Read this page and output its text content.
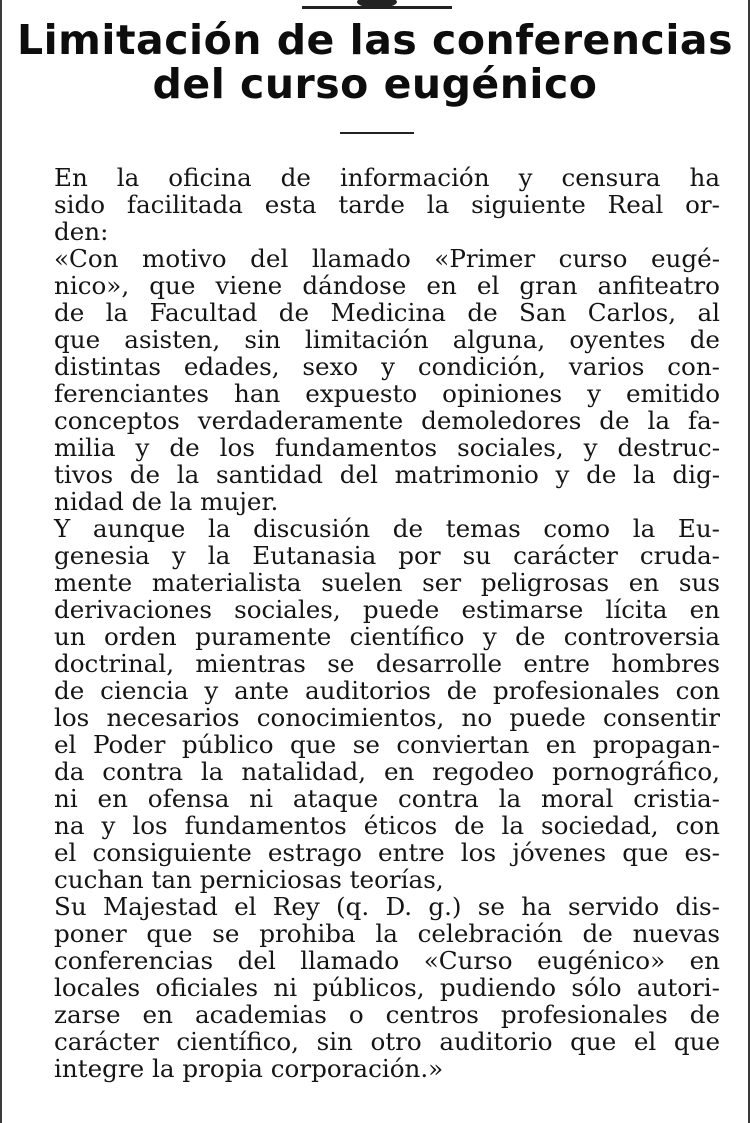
Limitación de las conferencias
del curso eugénico

En la oficina de información y censura ha
sido facilitada esta tarde la siguiente Real or-
den:

«Con motivo del llamado «Primer curso eugé-
nico», que viene dándose en el gran anfiteatro
de la Facultad de Medicina de San Carlos, al
que asisten, sin limitación alguna, oyentes de
distintas edades, sexo y condición, varios con-
ferenciantes han expuesto opiniones y emitido
conceptos verdaderamente demoledores de la fa-
milia y de los fundamentos sociales, y destruc-
tivos de la santidad del matrimonio y de la dig-
nidad de la mujer.

Y aunque la discusión de temas como la Eu-
genesia y la Eutanasia por su carácter cruda-
mente materialista suelen ser peligrosas en sus
derivaciones sociales, puede estimarse lícita en
un orden puramente científico y de controversia
doctrinal, mientras se desarrolle entre hombres
de ciencia y ante auditorios de profesionales con
los necesarios conocimientos, no puede consentir
el Poder público que se conviertan en propagan-
da contra la natalidad, en regodeo pornográfico,
ni en ofensa ni ataque contra la moral cristia-
na y los fundamentos éticos de la sociedad, con
el consiguiente estrago entre los jóvenes que es-
cuchan tan perniciosas teorías,

Su Majestad el Rey (q. D. g.) se ha servido dis-
poner que se prohiba la celebración de nuevas
conferencias del llamado «Curso eugénico» en
locales oficiales ni públicos, pudiendo sólo autori-
zarse en academias o centros profesionales de
carácter científico, sin otro auditorio que el que
integre la propia corporación.»
